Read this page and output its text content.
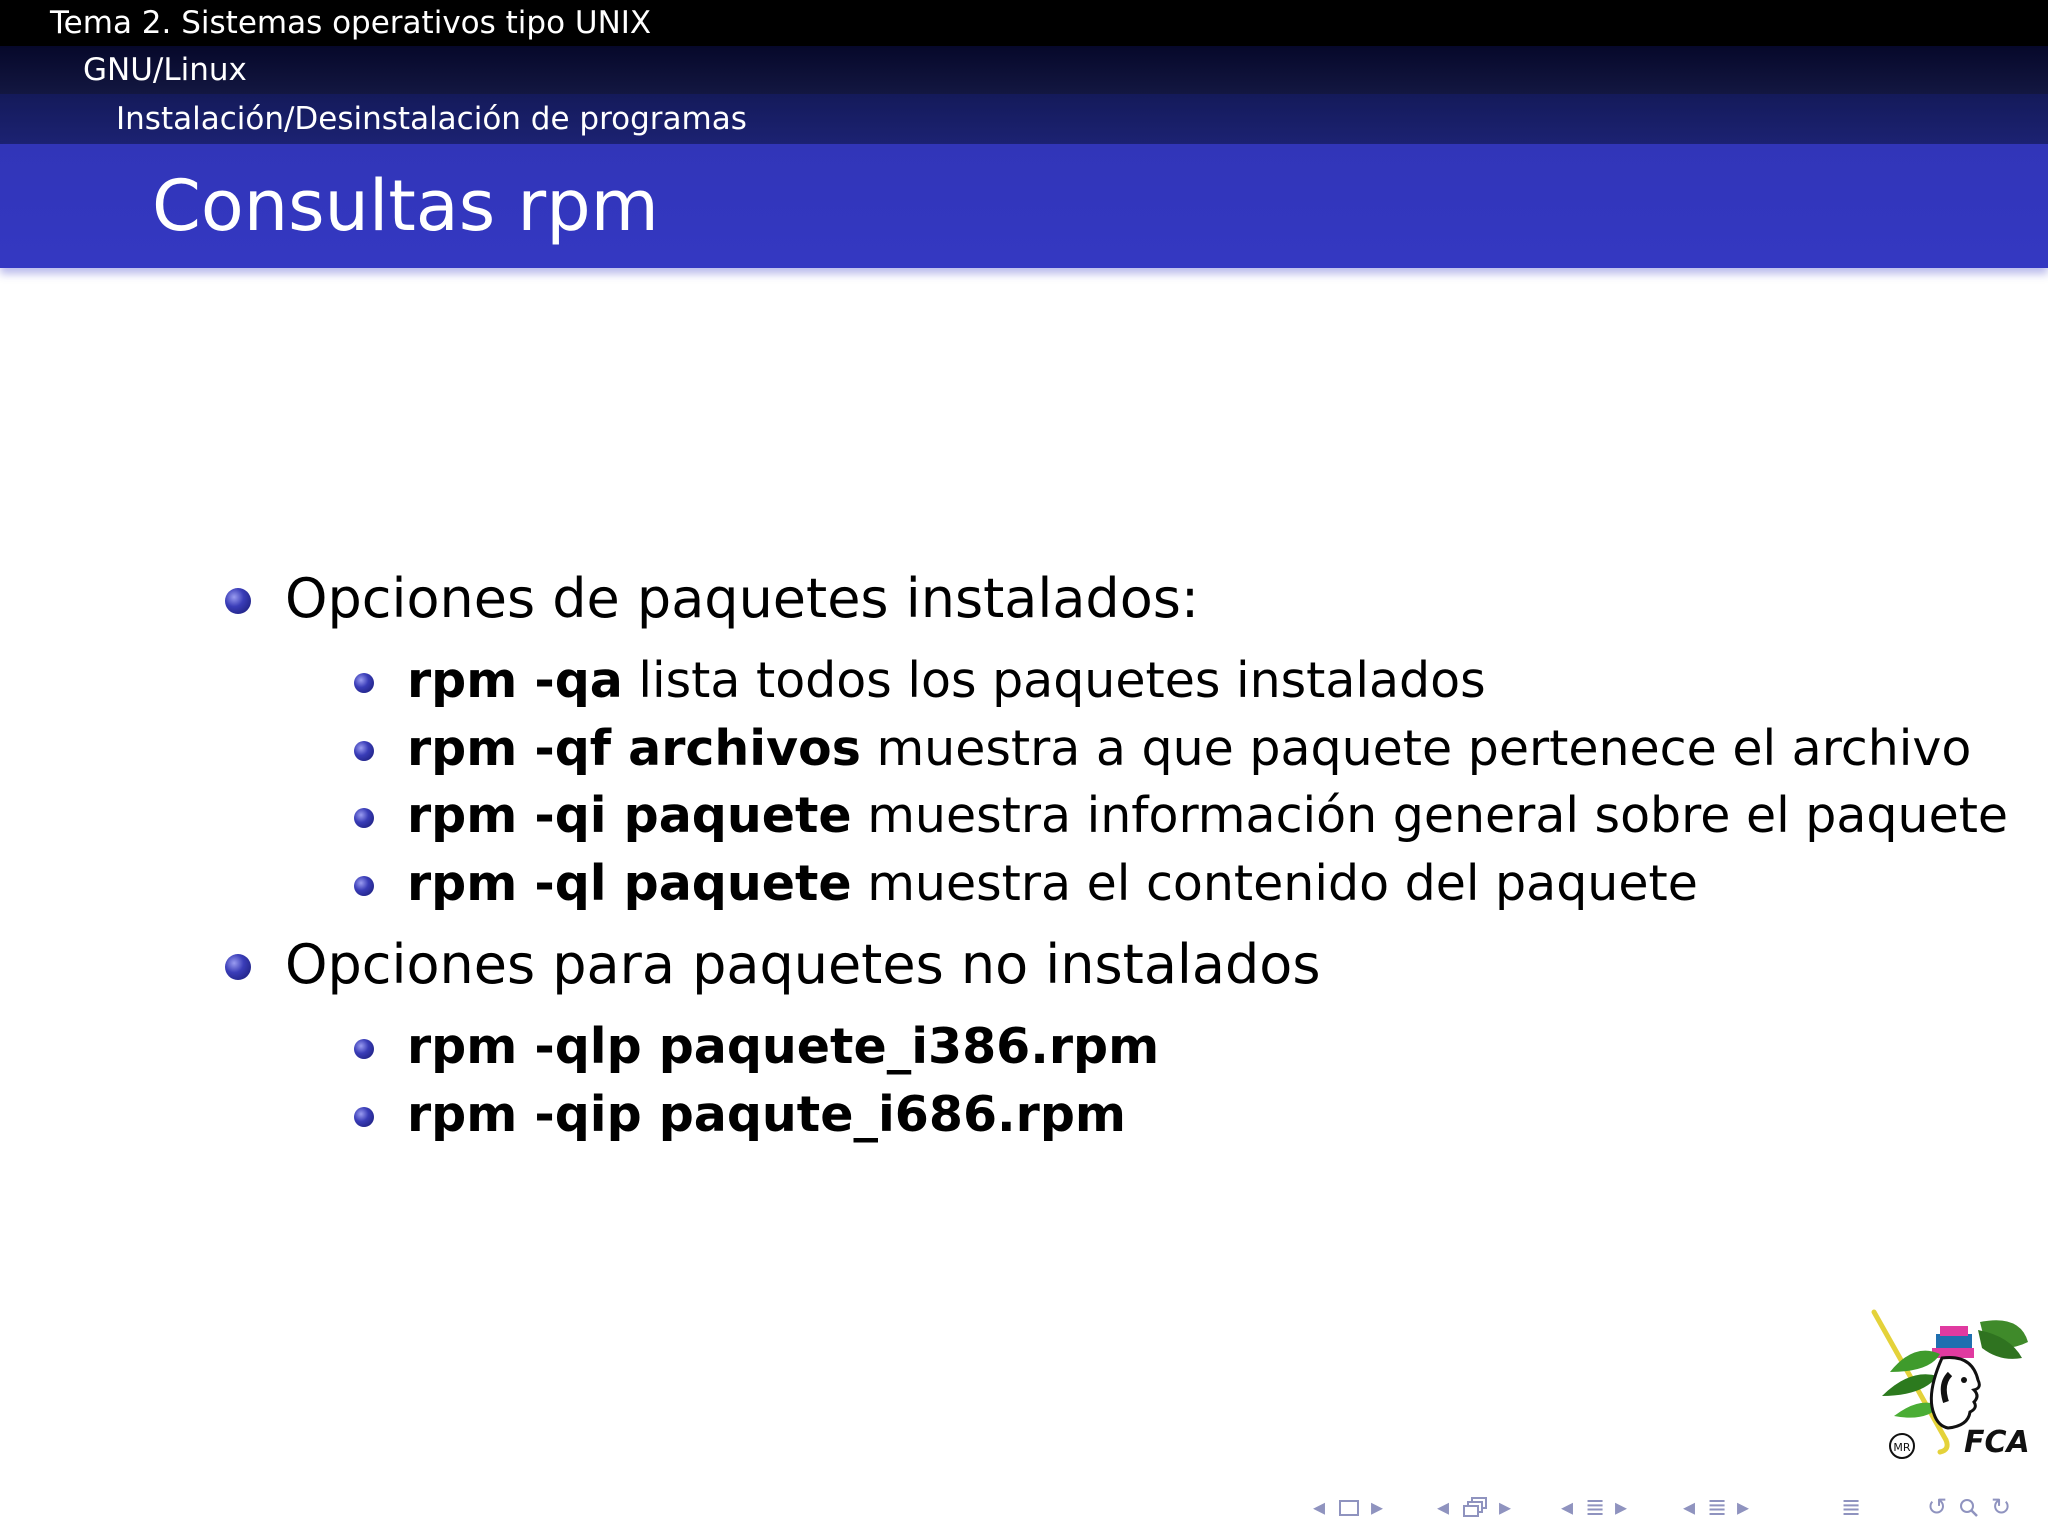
Tema 2. Sistemas operativos tipo UNIX
GNU/Linux
Instalación/Desinstalación de programas
Consultas rpm
Opciones de paquetes instalados:
rpm -qa lista todos los paquetes instalados
rpm -qf archivos muestra a que paquete pertenece el archivo
rpm -qi paquete muestra información general sobre el paquete
rpm -ql paquete muestra el contenido del paquete
Opciones para paquetes no instalados
rpm -qlp paquete_i386.rpm
rpm -qip paqute_i686.rpm
MR FCA
◂ ▸ ◂ ▸ ◂ ≣ ▸ ◂ ≣ ▸	≣	↺ ↻
